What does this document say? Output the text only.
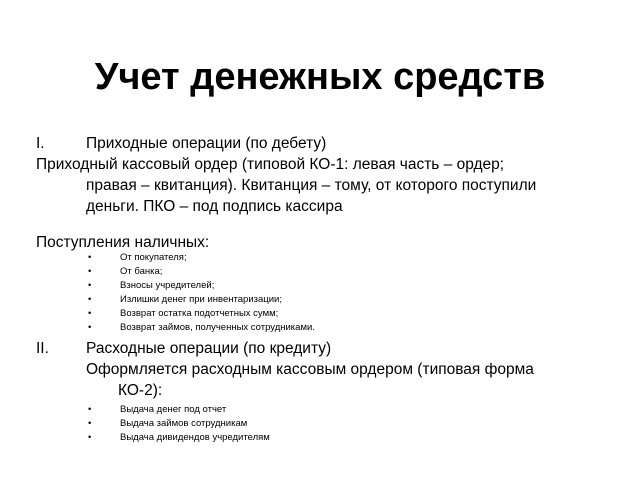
Учет денежных средств
I.	Приходные операции (по дебету)
Приходный кассовый ордер (типовой КО-1: левая часть – ордер;
правая – квитанция). Квитанция – тому, от которого поступили
деньги. ПКО – под подпись кассира
Поступления наличных:
•	От покупателя;
•	От банка;
•	Взносы учредителей;
•	Излишки денег при инвентаризации;
•	Возврат остатка подотчетных сумм;
•	Возврат займов, полученных сотрудниками.
II. Расходные операции (по кредиту)
Оформляется расходным кассовым ордером (типовая форма
КО-2):
•	Выдача денег под отчет
•	Выдача займов сотрудникам
•	Выдача дивидендов учредителям
